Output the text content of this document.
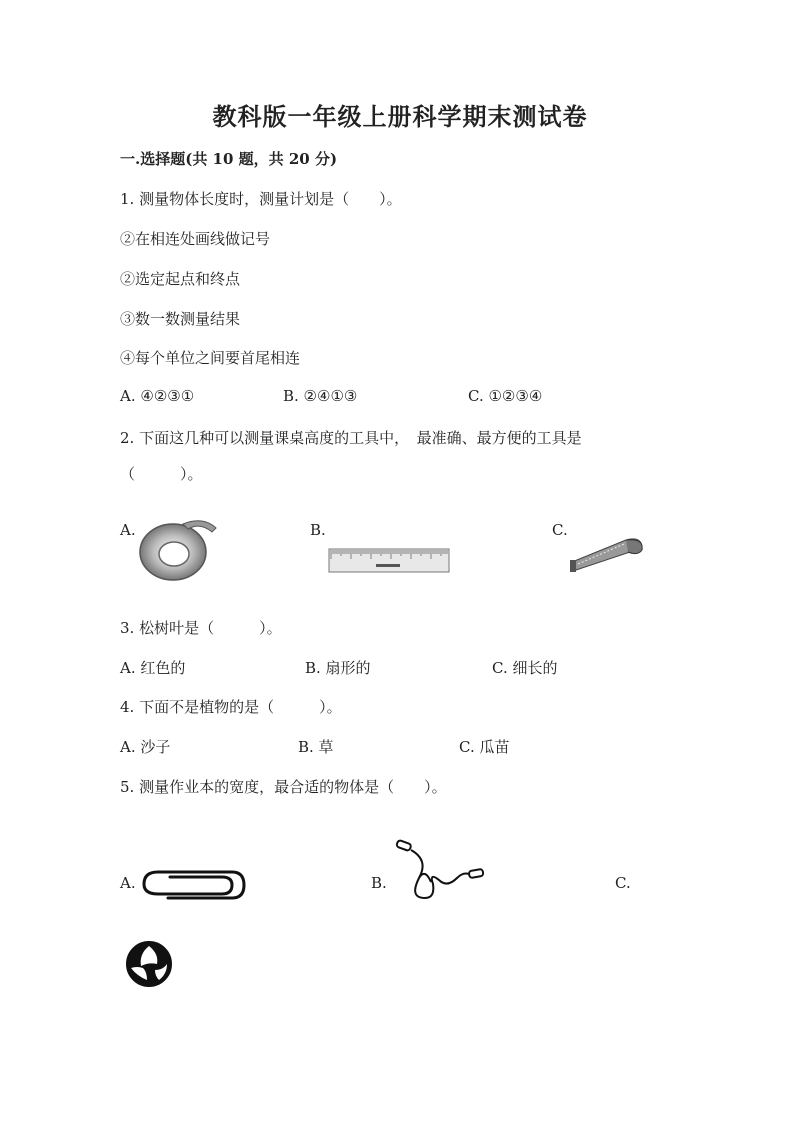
教科版一年级上册科学期末测试卷
一.选择题(共 10 题，共 20 分)
1. 测量物体长度时，测量计划是（　　）。
②在相连处画线做记号
②选定起点和终点
③数一数测量结果
④每个单位之间要首尾相连
A. ④②③①	B. ②④①③	C. ①②③④
2. 下面这几种可以测量课桌高度的工具中，　最准确、最方便的工具是
（　　　）。
A.	B.	C.
3. 松树叶是（　　　）。
A. 红色的	B. 扇形的	C. 细长的
4. 下面不是植物的是（　　　）。
A. 沙子	B. 草	C. 瓜苗
5. 测量作业本的宽度，最合适的物体是（　　）。
A.	B.	C.
